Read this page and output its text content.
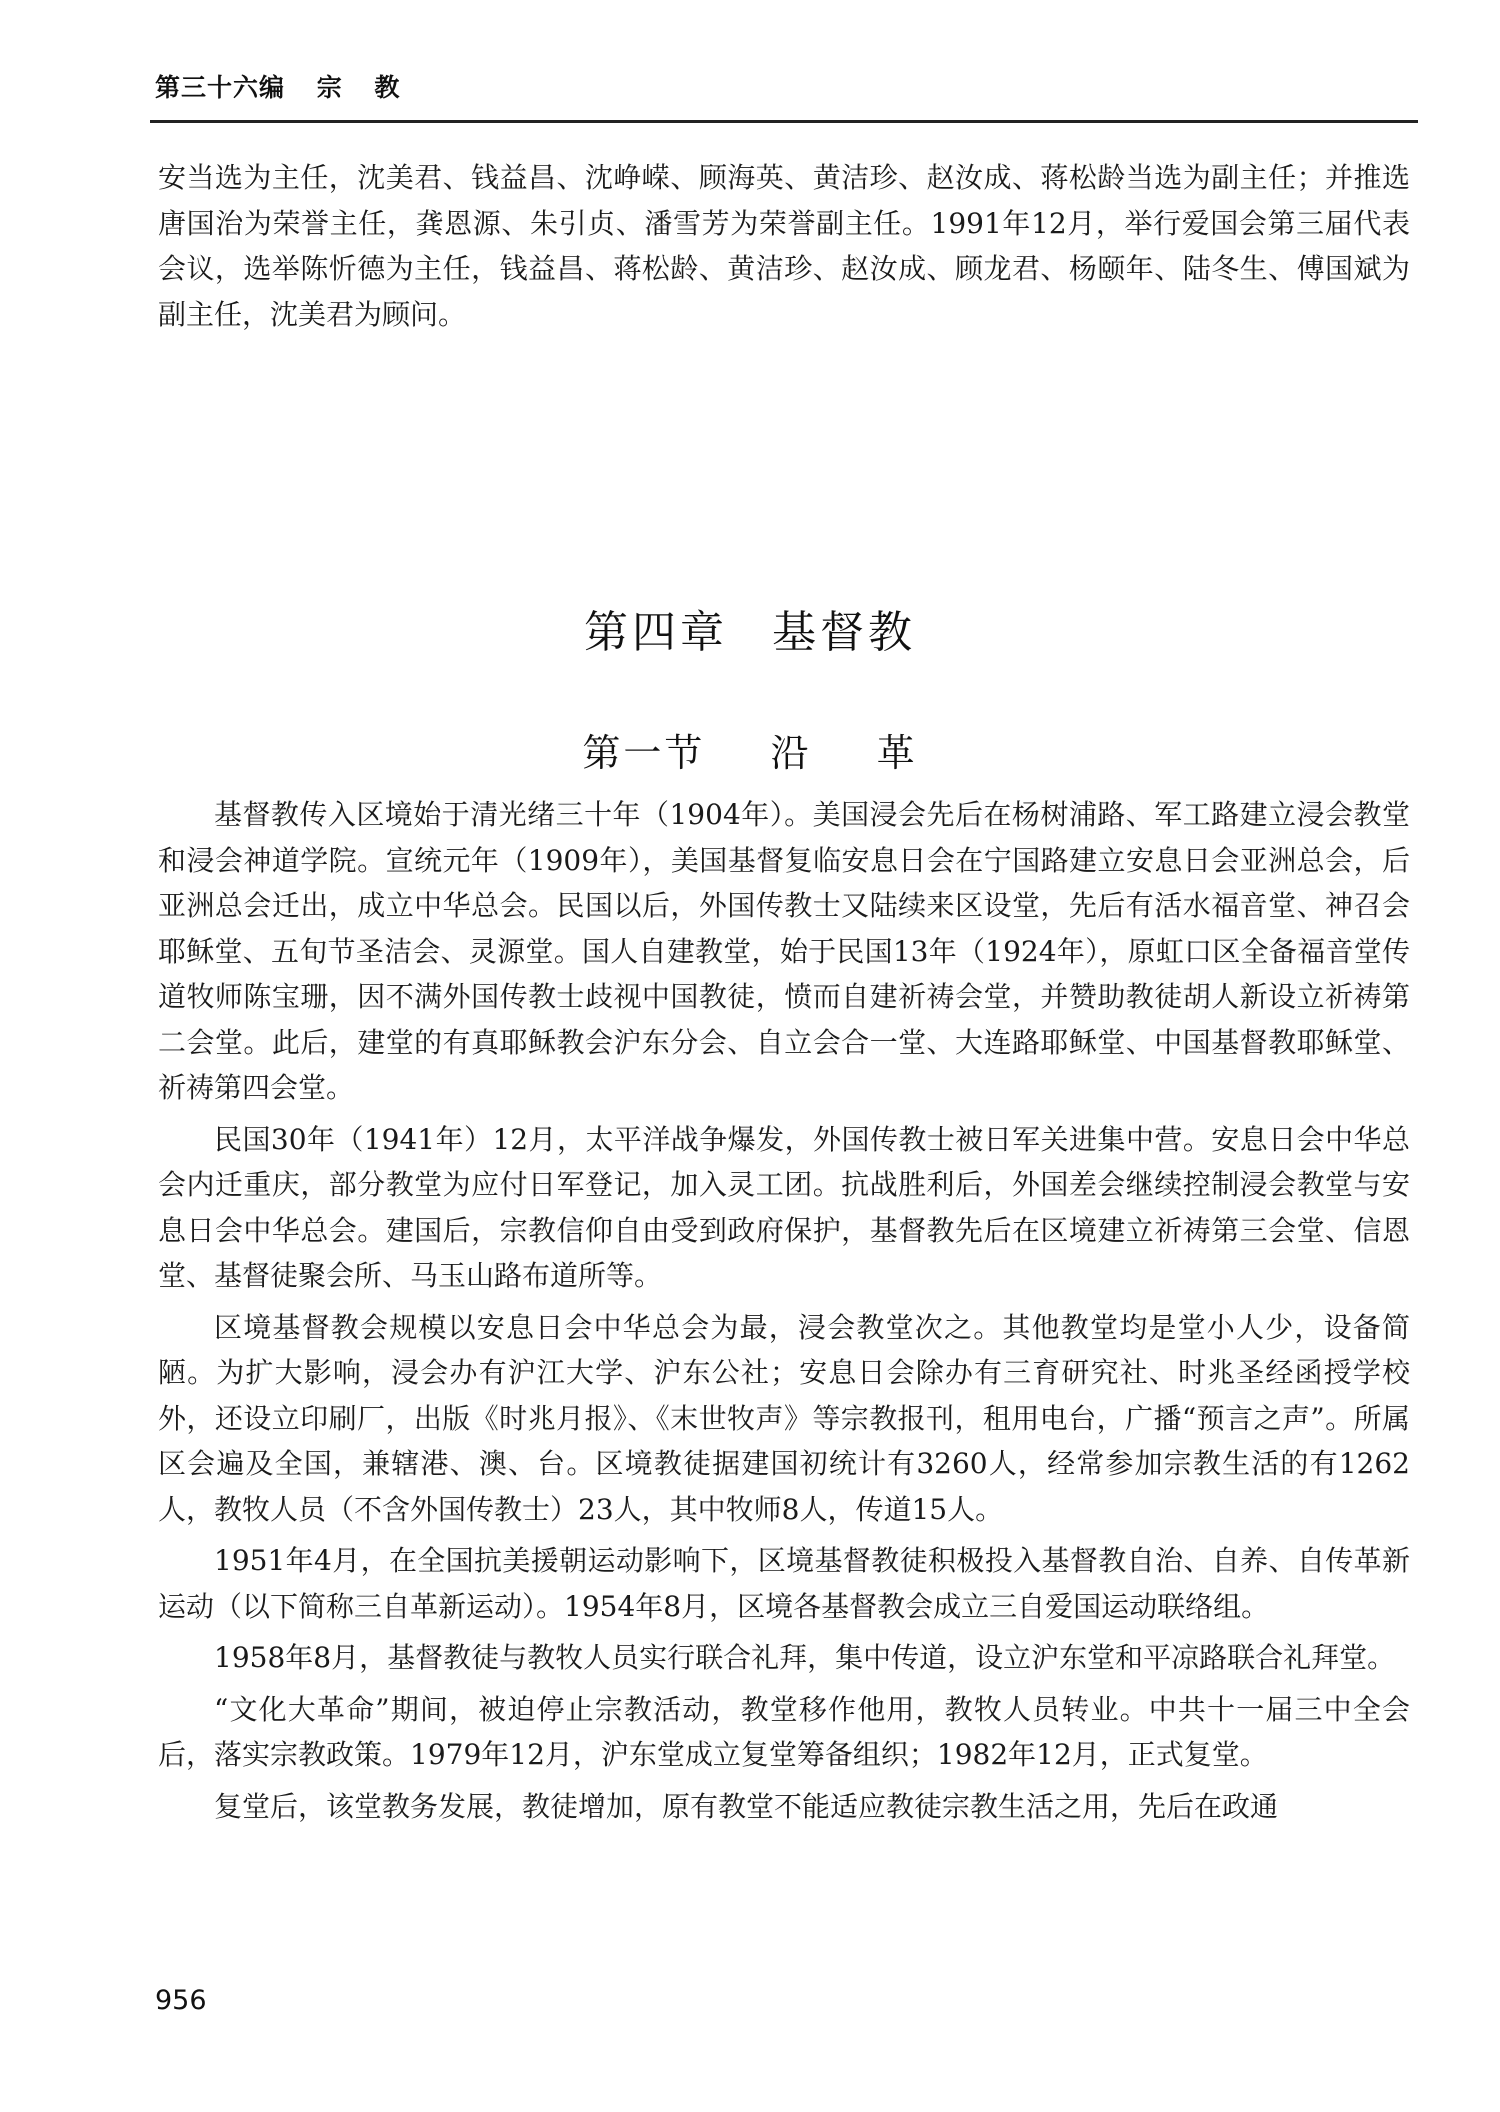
第三十六编 宗 教

安当选为主任，沈美君、钱益昌、沈峥嵘、顾海英、黄洁珍、赵汝成、蒋松龄当选为副主任；并推选唐国治为荣誉主任，龚恩源、朱引贞、潘雪芳为荣誉副主任。1991年12月，举行爱国会第三届代表会议，选举陈忻德为主任，钱益昌、蒋松龄、黄洁珍、赵汝成、顾龙君、杨颐年、陆冬生、傅国斌为副主任，沈美君为顾问。

第四章 基督教
第一节 沿 革

基督教传入区境始于清光绪三十年（1904年）。美国浸会先后在杨树浦路、军工路建立浸会教堂和浸会神道学院。宣统元年（1909年），美国基督复临安息日会在宁国路建立安息日会亚洲总会，后亚洲总会迁出，成立中华总会。民国以后，外国传教士又陆续来区设堂，先后有活水福音堂、神召会耶稣堂、五旬节圣洁会、灵源堂。国人自建教堂，始于民国13年（1924年），原虹口区全备福音堂传道牧师陈宝珊，因不满外国传教士歧视中国教徒，愤而自建祈祷会堂，并赞助教徒胡人新设立祈祷第二会堂。此后，建堂的有真耶稣教会沪东分会、自立会合一堂、大连路耶稣堂、中国基督教耶稣堂、祈祷第四会堂。

民国30年（1941年）12月，太平洋战争爆发，外国传教士被日军关进集中营。安息日会中华总会内迁重庆，部分教堂为应付日军登记，加入灵工团。抗战胜利后，外国差会继续控制浸会教堂与安息日会中华总会。建国后，宗教信仰自由受到政府保护，基督教先后在区境建立祈祷第三会堂、信恩堂、基督徒聚会所、马玉山路布道所等。

区境基督教会规模以安息日会中华总会为最，浸会教堂次之。其他教堂均是堂小人少，设备简陋。为扩大影响，浸会办有沪江大学、沪东公社；安息日会除办有三育研究社、时兆圣经函授学校外，还设立印刷厂，出版《时兆月报》、《末世牧声》等宗教报刊，租用电台，广播“预言之声”。所属区会遍及全国，兼辖港、澳、台。区境教徒据建国初统计有3260人，经常参加宗教生活的有1262人，教牧人员（不含外国传教士）23人，其中牧师8人，传道15人。

1951年4月，在全国抗美援朝运动影响下，区境基督教徒积极投入基督教自治、自养、自传革新运动（以下简称三自革新运动）。1954年8月，区境各基督教会成立三自爱国运动联络组。

1958年8月，基督教徒与教牧人员实行联合礼拜，集中传道，设立沪东堂和平凉路联合礼拜堂。

“文化大革命”期间，被迫停止宗教活动，教堂移作他用，教牧人员转业。中共十一届三中全会后，落实宗教政策。1979年12月，沪东堂成立复堂筹备组织；1982年12月，正式复堂。

复堂后，该堂教务发展，教徒增加，原有教堂不能适应教徒宗教生活之用，先后在政通

956
